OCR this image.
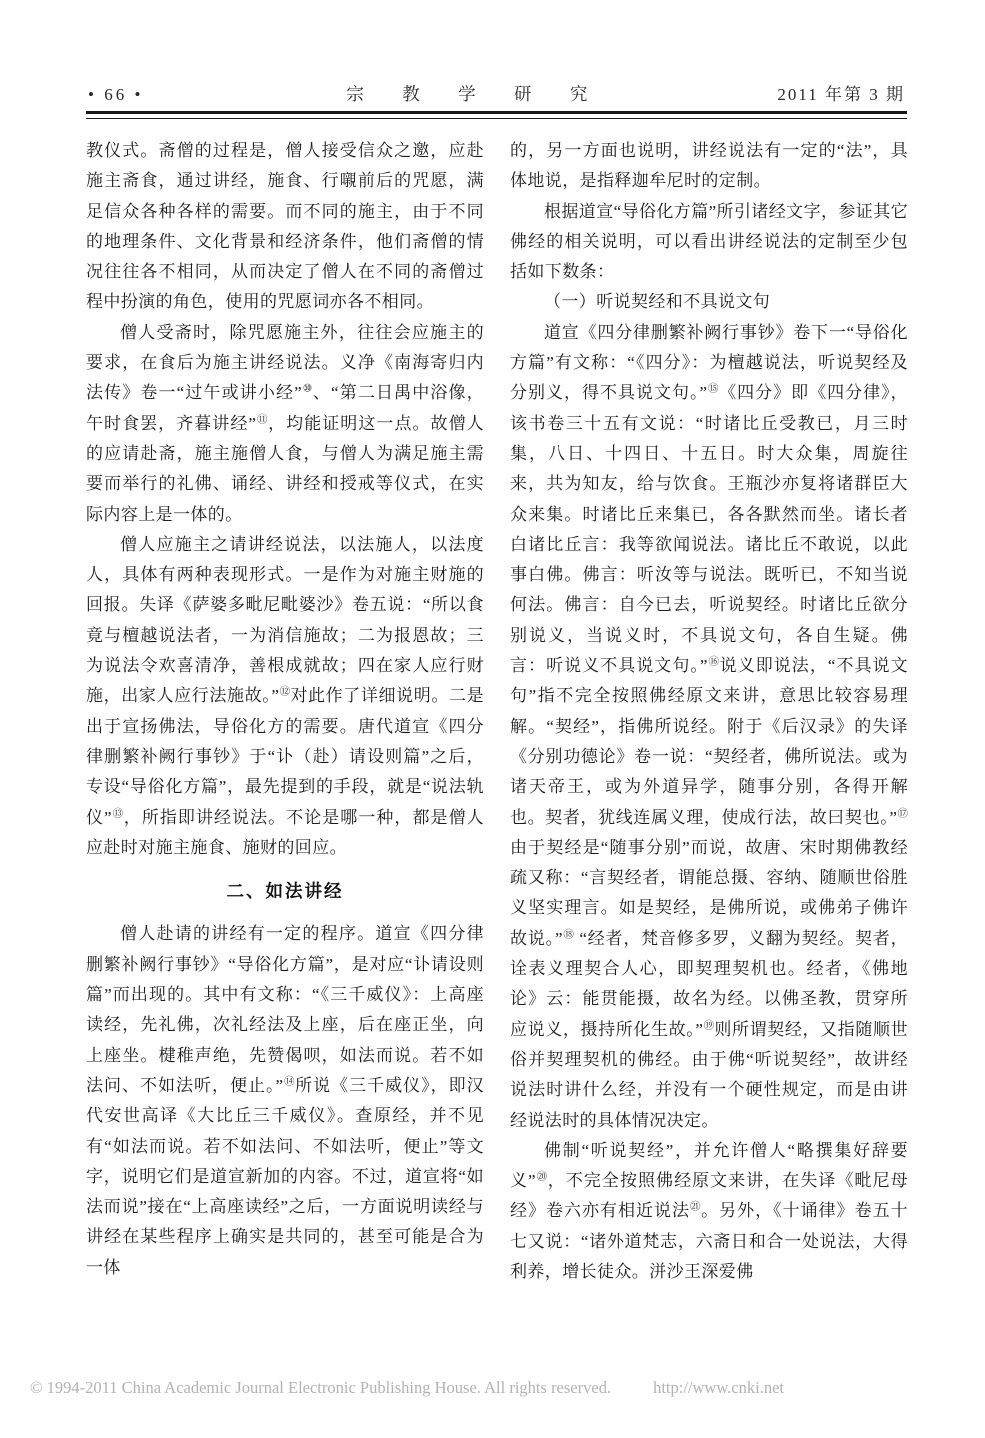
• 66 •	宗 教 学 研 究	2011 年第 3 期

教仪式。斋僧的过程是，僧人接受信众之邀，应赴施主斋食，通过讲经，施食、行嚫前后的咒愿，满足信众各种各样的需要。而不同的施主，由于不同的地理条件、文化背景和经济条件，他们斋僧的情况往往各不相同，从而决定了僧人在不同的斋僧过程中扮演的角色，使用的咒愿词亦各不相同。

僧人受斋时，除咒愿施主外，往往会应施主的要求，在食后为施主讲经说法。义净《南海寄归内法传》卷一“过午或讲小经”⑩、“第二日禺中浴像，午时食罢，齐暮讲经”⑪，均能证明这一点。故僧人的应请赴斋，施主施僧人食，与僧人为满足施主需要而举行的礼佛、诵经、讲经和授戒等仪式，在实际内容上是一体的。

僧人应施主之请讲经说法，以法施人，以法度人，具体有两种表现形式。一是作为对施主财施的回报。失译《萨婆多毗尼毗婆沙》卷五说：“所以食竟与檀越说法者，一为消信施故；二为报恩故；三为说法令欢喜清净，善根成就故；四在家人应行财施，出家人应行法施故。”⑫对此作了详细说明。二是出于宣扬佛法，导俗化方的需要。唐代道宣《四分律删繁补阙行事钞》于“讣（赴）请设则篇”之后，专设“导俗化方篇”，最先提到的手段，就是“说法轨仪”⑬，所指即讲经说法。不论是哪一种，都是僧人应赴时对施主施食、施财的回应。

二、如法讲经

僧人赴请的讲经有一定的程序。道宣《四分律删繁补阙行事钞》“导俗化方篇”，是对应“讣请设则篇”而出现的。其中有文称：“《三千威仪》：上高座读经，先礼佛，次礼经法及上座，后在座正坐，向上座坐。楗稚声绝，先赞偈呗，如法而说。若不如法问、不如法听，便止。”⑭所说《三千威仪》，即汉代安世高译《大比丘三千威仪》。查原经，并不见有“如法而说。若不如法问、不如法听，便止”等文字，说明它们是道宣新加的内容。不过，道宣将“如法而说”接在“上高座读经”之后，一方面说明读经与讲经在某些程序上确实是共同的，甚至可能是合为一体

的，另一方面也说明，讲经说法有一定的“法”，具体地说，是指释迦牟尼时的定制。

根据道宣“导俗化方篇”所引诸经文字，参证其它佛经的相关说明，可以看出讲经说法的定制至少包括如下数条：

（一）听说契经和不具说文句

道宣《四分律删繁补阙行事钞》卷下一“导俗化方篇”有文称：“《四分》：为檀越说法，听说契经及分别义，得不具说文句。”⑮《四分》即《四分律》，该书卷三十五有文说：“时诸比丘受教已，月三时集，八日、十四日、十五日。时大众集，周旋往来，共为知友，给与饮食。王瓶沙亦复将诸群臣大众来集。时诸比丘来集已，各各默然而坐。诸长者白诸比丘言：我等欲闻说法。诸比丘不敢说，以此事白佛。佛言：听汝等与说法。既听已，不知当说何法。佛言：自今已去，听说契经。时诸比丘欲分别说义，当说义时，不具说文句，各自生疑。佛言：听说义不具说文句。”⑯说义即说法，“不具说文句”指不完全按照佛经原文来讲，意思比较容易理解。“契经”，指佛所说经。附于《后汉录》的失译《分别功德论》卷一说：“契经者，佛所说法。或为诸天帝王，或为外道异学，随事分别，各得开解也。契者，犹线连属义理，使成行法，故曰契也。”⑰由于契经是“随事分别”而说，故唐、宋时期佛教经疏又称：“言契经者，谓能总摄、容纳、随顺世俗胜义坚实理言。如是契经，是佛所说，或佛弟子佛许故说。”⑱ “经者，梵音修多罗，义翻为契经。契者，诠表义理契合人心，即契理契机也。经者，《佛地论》云：能贯能摄，故名为经。以佛圣教，贯穿所应说义，摄持所化生故。”⑲则所谓契经，又指随顺世俗并契理契机的佛经。由于佛“听说契经”，故讲经说法时讲什么经，并没有一个硬性规定，而是由讲经说法时的具体情况决定。

佛制“听说契经”，并允许僧人“略撰集好辞要义”⑳，不完全按照佛经原文来讲，在失译《毗尼母经》卷六亦有相近说法$^㉑$。另外，《十诵律》卷五十七又说：“诸外道梵志，六斋日和合一处说法，大得利养，增长徒众。洴沙王深爱佛

© 1994-2011 China Academic Journal Electronic Publishing House. All rights reserved.	http://www.cnki.net
